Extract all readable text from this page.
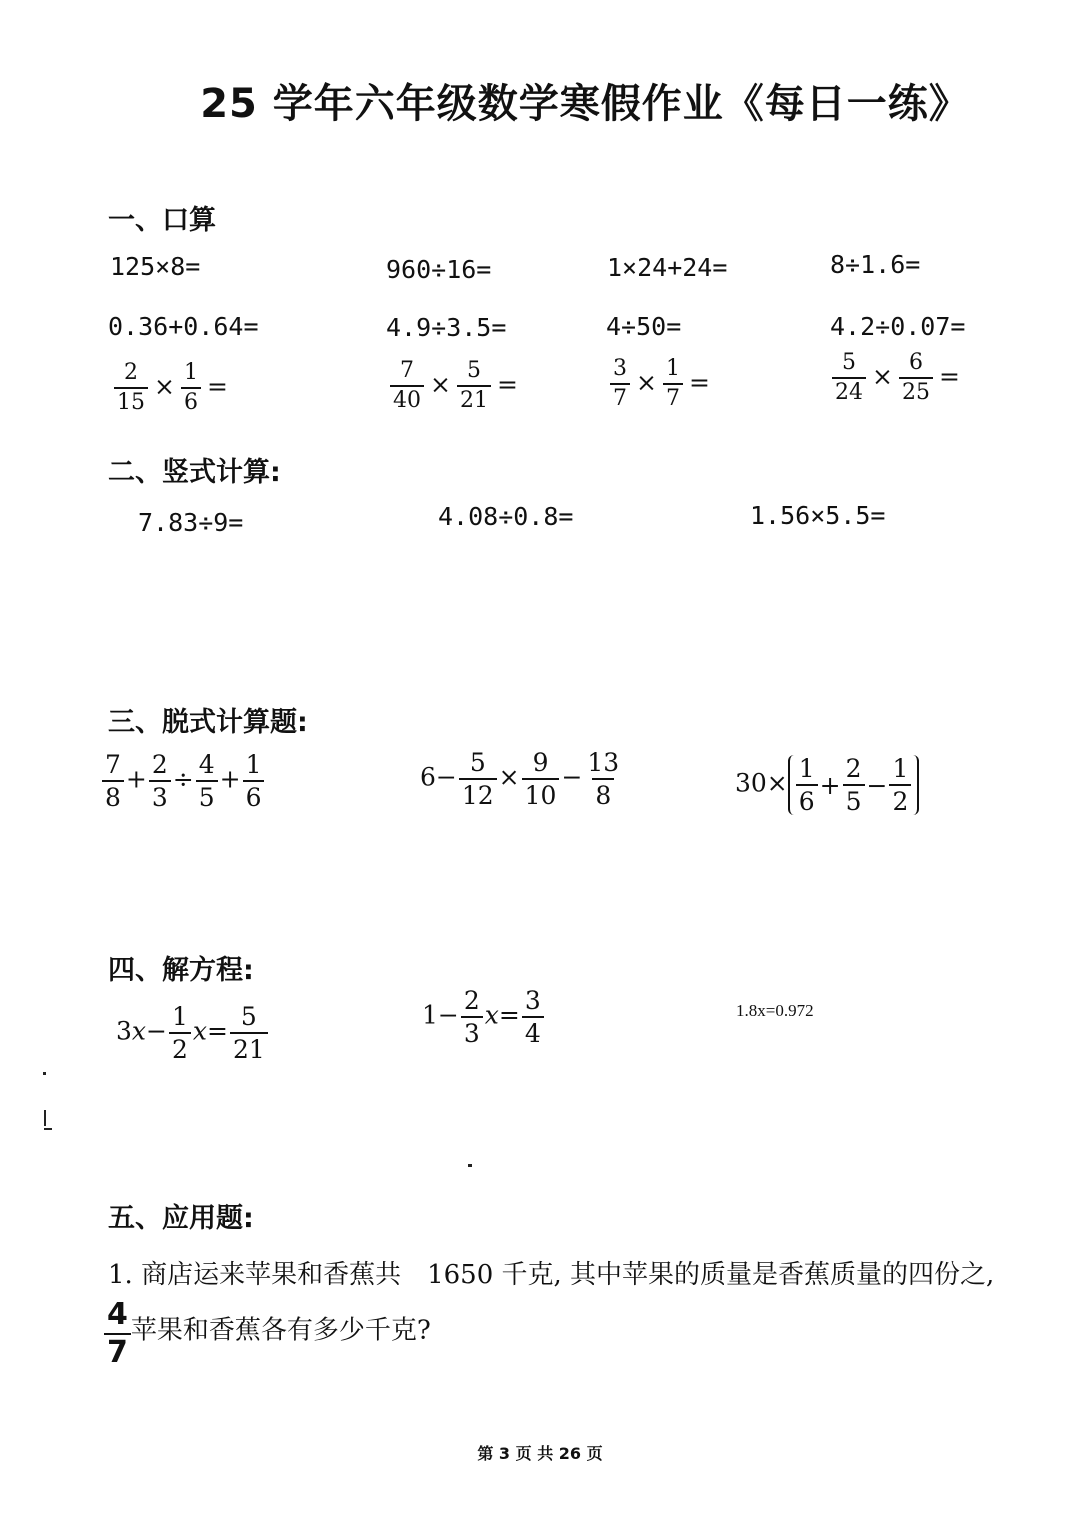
25 学年六年级数学寒假作业《每日一练》
一、口算
125×8=	960÷16=	1×24+24=	8÷1.6=
0.36+0.64=	4.9÷3.5=	4÷50=	4.2÷0.07=
$\frac{2}{15} \times \frac{1}{6}$ =	$\frac{7}{40} \times \frac{5}{21}$ =	$\frac{3}{7} \times \frac{1}{7}$ =	$\frac{5}{24} \times \frac{6}{25}$ =
二、竖式计算:
7.83÷9=	4.08÷0.8=	1.56×5.5=
三、脱式计算题:
$\frac{7}{8} + \frac{2}{3} \div \frac{4}{5} + \frac{1}{6}$	$6- \frac{5}{12} \times \frac{9}{10} - \frac{13}{8}$	$30\times \frac{1}{6} + \frac{2}{5} - \frac{1}{2}$
四、解方程:
$3x- \frac{1}{2} x= \frac{5}{21}$	$1- \frac{2}{3} x= \frac{3}{4}$	1.8x=0.972
五、应用题:
1. 商店运来苹果和香蕉共　1650 千克, 其中苹果的质量是香蕉质量的四份之,
$\frac{4}{7}$ 苹果和香蕉各有多少千克?
第 3 页 共 26 页
